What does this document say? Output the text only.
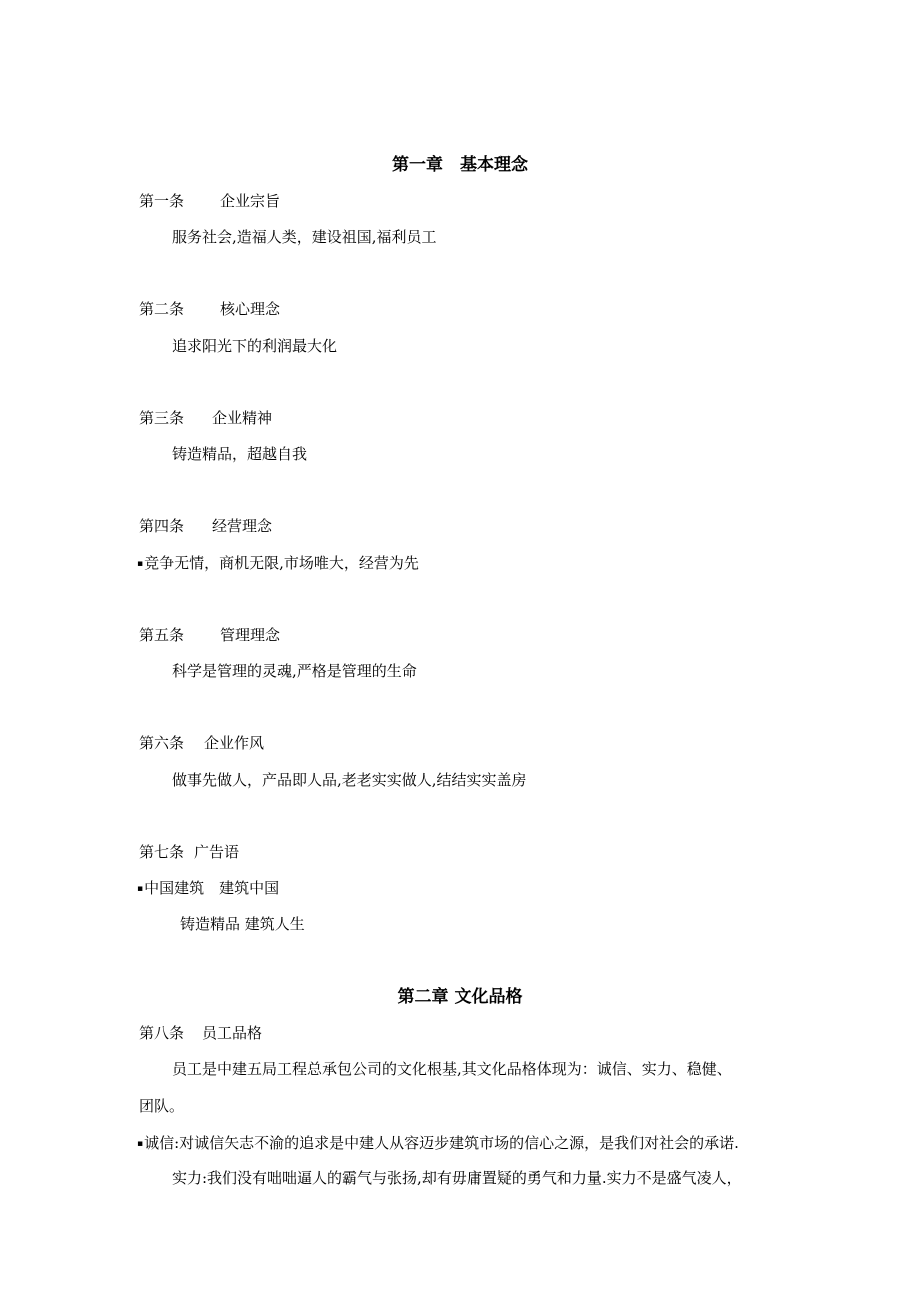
第一章　基本理念
第一条 企业宗旨

服务社会,造福人类，建设祖国,福利员工

第二条 核心理念

追求阳光下的利润最大化

第三条 企业精神

铸造精品，超越自我

第四条 经营理念

▪竞争无情，商机无限,市场唯大，经营为先

第五条 管理理念

科学是管理的灵魂,严格是管理的生命

第六条 企业作风

做事先做人，产品即人品,老老实实做人,结结实实盖房

第七条 广告语

▪中国建筑　建筑中国

铸造精品 建筑人生

第二章 文化品格
第八条 员工品格

员工是中建五局工程总承包公司的文化根基,其文化品格体现为：诚信、实力、稳健、

团队。

▪诚信:对诚信矢志不渝的追求是中建人从容迈步建筑市场的信心之源，是我们对社会的承诺.

实力:我们没有咄咄逼人的霸气与张扬,却有毋庸置疑的勇气和力量.实力不是盛气凌人，
